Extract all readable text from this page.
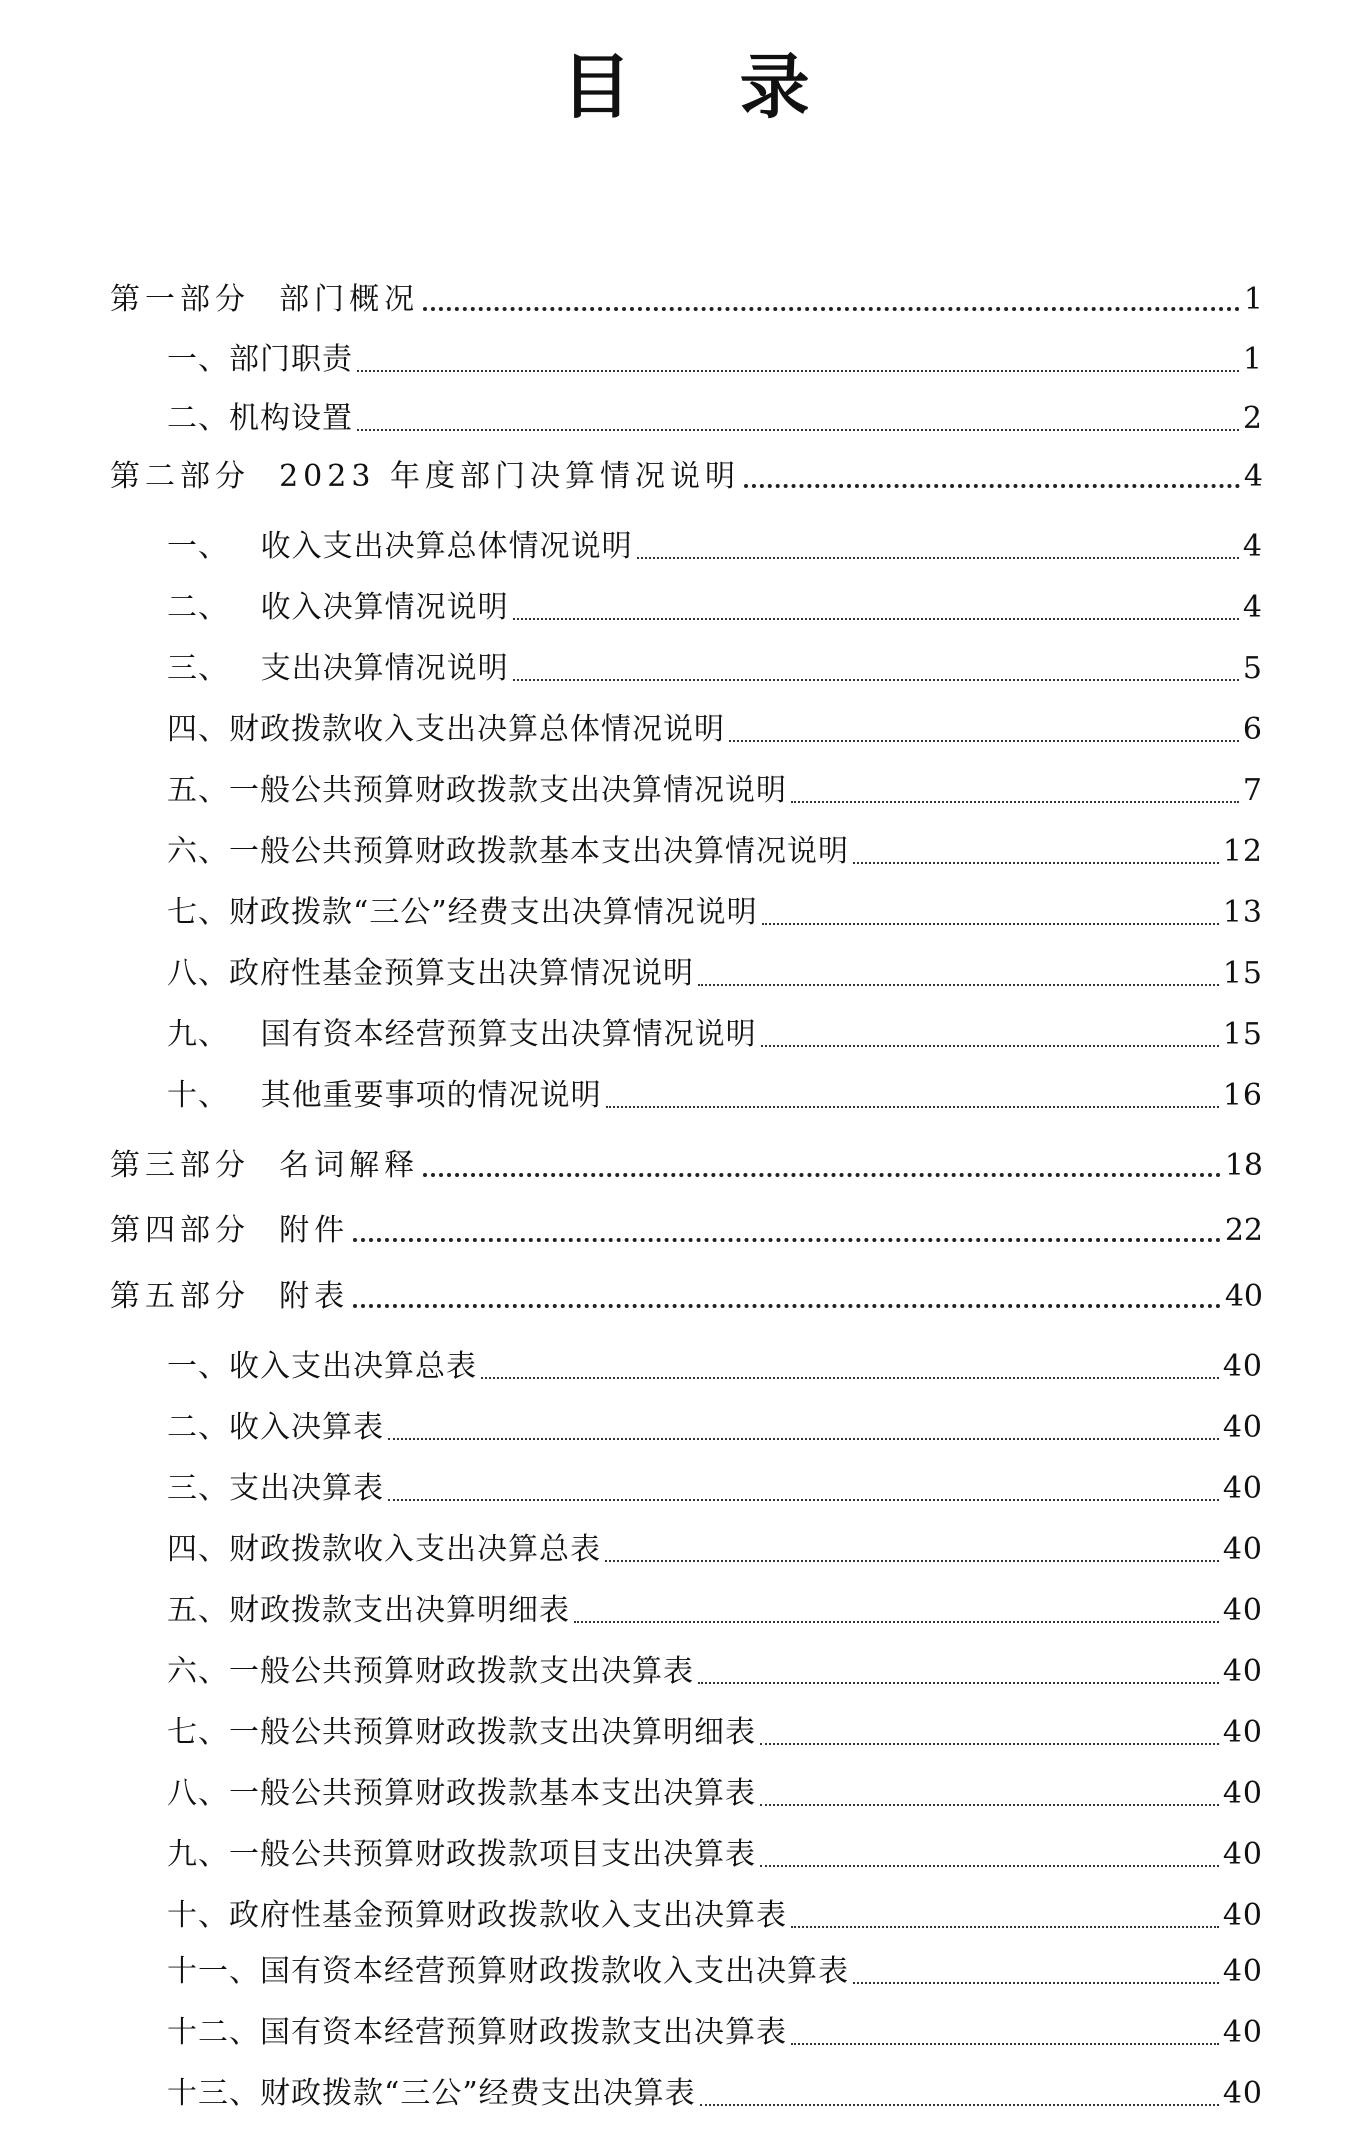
目 录
第一部分  部门概况	1
一、部门职责	1
二、机构设置	2
第二部分  2023 年度部门决算情况说明	4
一、   收入支出决算总体情况说明	4
二、   收入决算情况说明	4
三、   支出决算情况说明	5
四、财政拨款收入支出决算总体情况说明	6
五、一般公共预算财政拨款支出决算情况说明	7
六、一般公共预算财政拨款基本支出决算情况说明	12
七、财政拨款“三公”经费支出决算情况说明	13
八、政府性基金预算支出决算情况说明	15
九、   国有资本经营预算支出决算情况说明	15
十、   其他重要事项的情况说明	16
第三部分  名词解释	18
第四部分  附件	22
第五部分  附表	40
一、收入支出决算总表	40
二、收入决算表	40
三、支出决算表	40
四、财政拨款收入支出决算总表	40
五、财政拨款支出决算明细表	40
六、一般公共预算财政拨款支出决算表	40
七、一般公共预算财政拨款支出决算明细表	40
八、一般公共预算财政拨款基本支出决算表	40
九、一般公共预算财政拨款项目支出决算表	40
十、政府性基金预算财政拨款收入支出决算表	40
十一、国有资本经营预算财政拨款收入支出决算表	40
十二、国有资本经营预算财政拨款支出决算表	40
十三、财政拨款“三公”经费支出决算表	40
